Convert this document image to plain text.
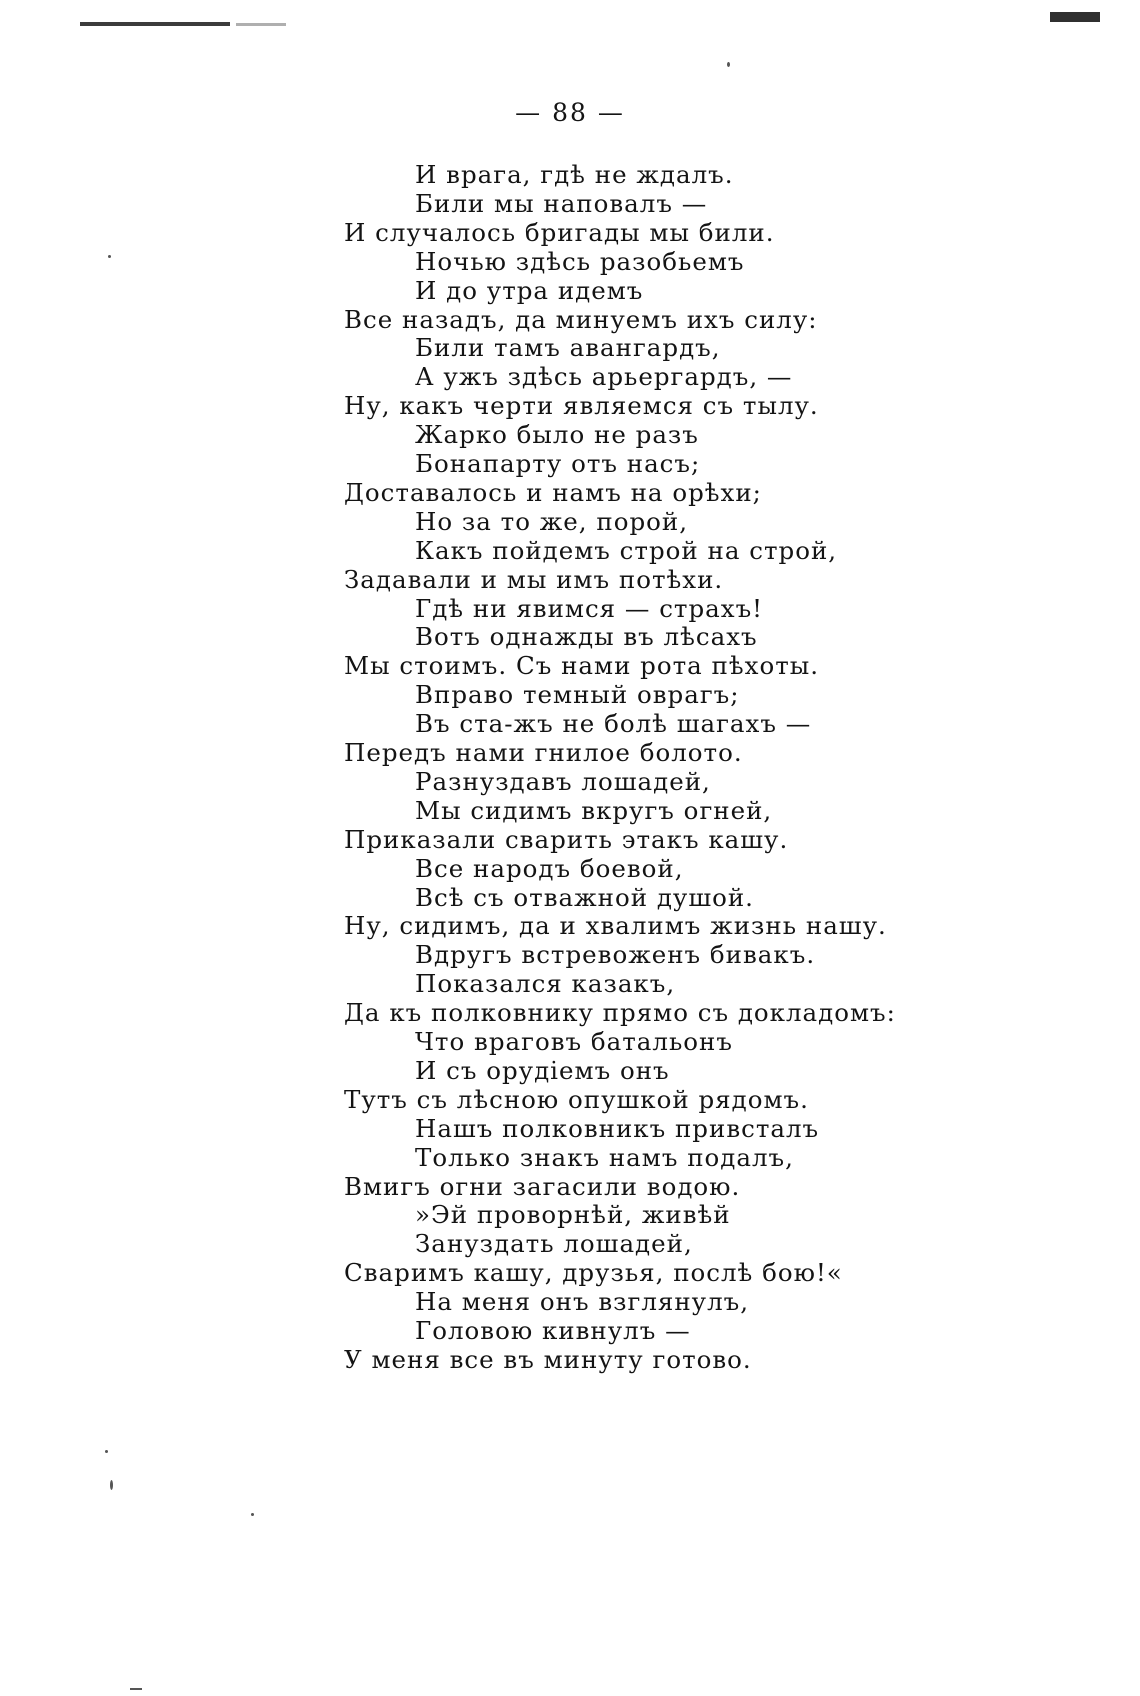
— 88 —
И врага, гдѣ не ждалъ.
Били мы наповалъ —
И случалось бригады мы били.
Ночью здѣсь разобьемъ
И до утра идемъ
Все назадъ, да минуемъ ихъ силу:
Били тамъ авангардъ,
А ужъ здѣсь арьергардъ, —
Ну, какъ черти являемся съ тылу.
Жарко было не разъ
Бонапарту отъ насъ;
Доставалось и намъ на орѣхи;
Но за то же, порой,
Какъ пойдемъ строй на строй,
Задавали и мы имъ потѣхи.
Гдѣ ни явимся — страхъ!
Вотъ однажды въ лѣсахъ
Мы стоимъ. Съ нами рота пѣхоты.
Вправо темный оврагъ;
Въ ста-жъ не болѣ шагахъ —
Передъ нами гнилое болото.
Разнуздавъ лошадей,
Мы сидимъ вкругъ огней,
Приказали сварить этакъ кашу.
Все народъ боевой,
Всѣ съ отважной душой.
Ну, сидимъ, да и хвалимъ жизнь нашу.
Вдругъ встревоженъ бивакъ.
Показался казакъ,
Да къ полковнику прямо съ докладомъ:
Что враговъ батальонъ
И съ орудіемъ онъ
Тутъ съ лѣсною опушкой рядомъ.
Нашъ полковникъ привсталъ
Только знакъ намъ подалъ,
Вмигъ огни загасили водою.
»Эй проворнѣй, живѣй
Зануздать лошадей,
Сваримъ кашу, друзья, послѣ бою!«
На меня онъ взглянулъ,
Головою кивнулъ —
У меня все въ минуту готово.
